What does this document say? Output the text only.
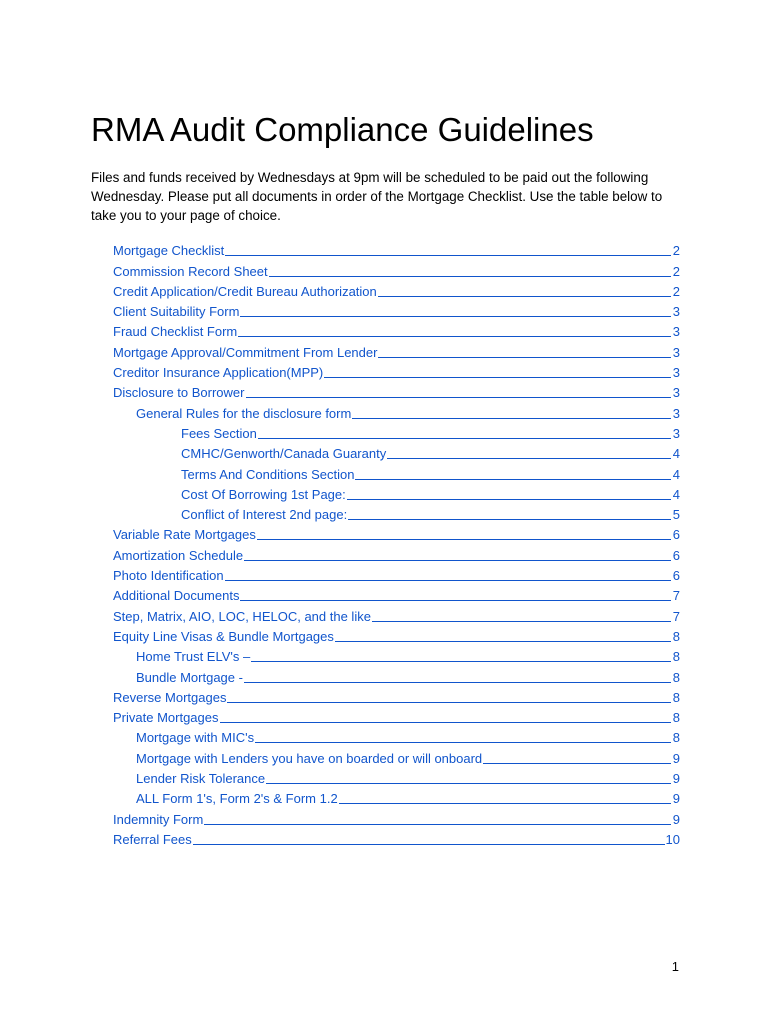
RMA Audit Compliance Guidelines

Files and funds received by Wednesdays at 9pm will be scheduled to be paid out the following Wednesday. Please put all documents in order of the Mortgage Checklist. Use the table below to take you to your page of choice.

Mortgage Checklist	2
Commission Record Sheet	2
Credit Application/Credit Bureau Authorization	2
Client Suitability Form	3
Fraud Checklist Form	3
Mortgage Approval/Commitment From Lender	3
Creditor Insurance Application(MPP)	3
Disclosure to Borrower	3
General Rules for the disclosure form	3
Fees Section	3
CMHC/Genworth/Canada Guaranty	4
Terms And Conditions Section	4
Cost Of Borrowing 1st Page:	4
Conflict of Interest 2nd page:	5
Variable Rate Mortgages	6
Amortization Schedule	6
Photo Identification	6
Additional Documents	7
Step, Matrix, AIO, LOC, HELOC, and the like	7
Equity Line Visas & Bundle Mortgages	8
Home Trust ELV's –	8
Bundle Mortgage -	8
Reverse Mortgages	8
Private Mortgages	8
Mortgage with MIC's	8
Mortgage with Lenders you have on boarded or will onboard	9
Lender Risk Tolerance	9
ALL Form 1's, Form 2's & Form 1.2	9
Indemnity Form	9
Referral Fees	10
1
